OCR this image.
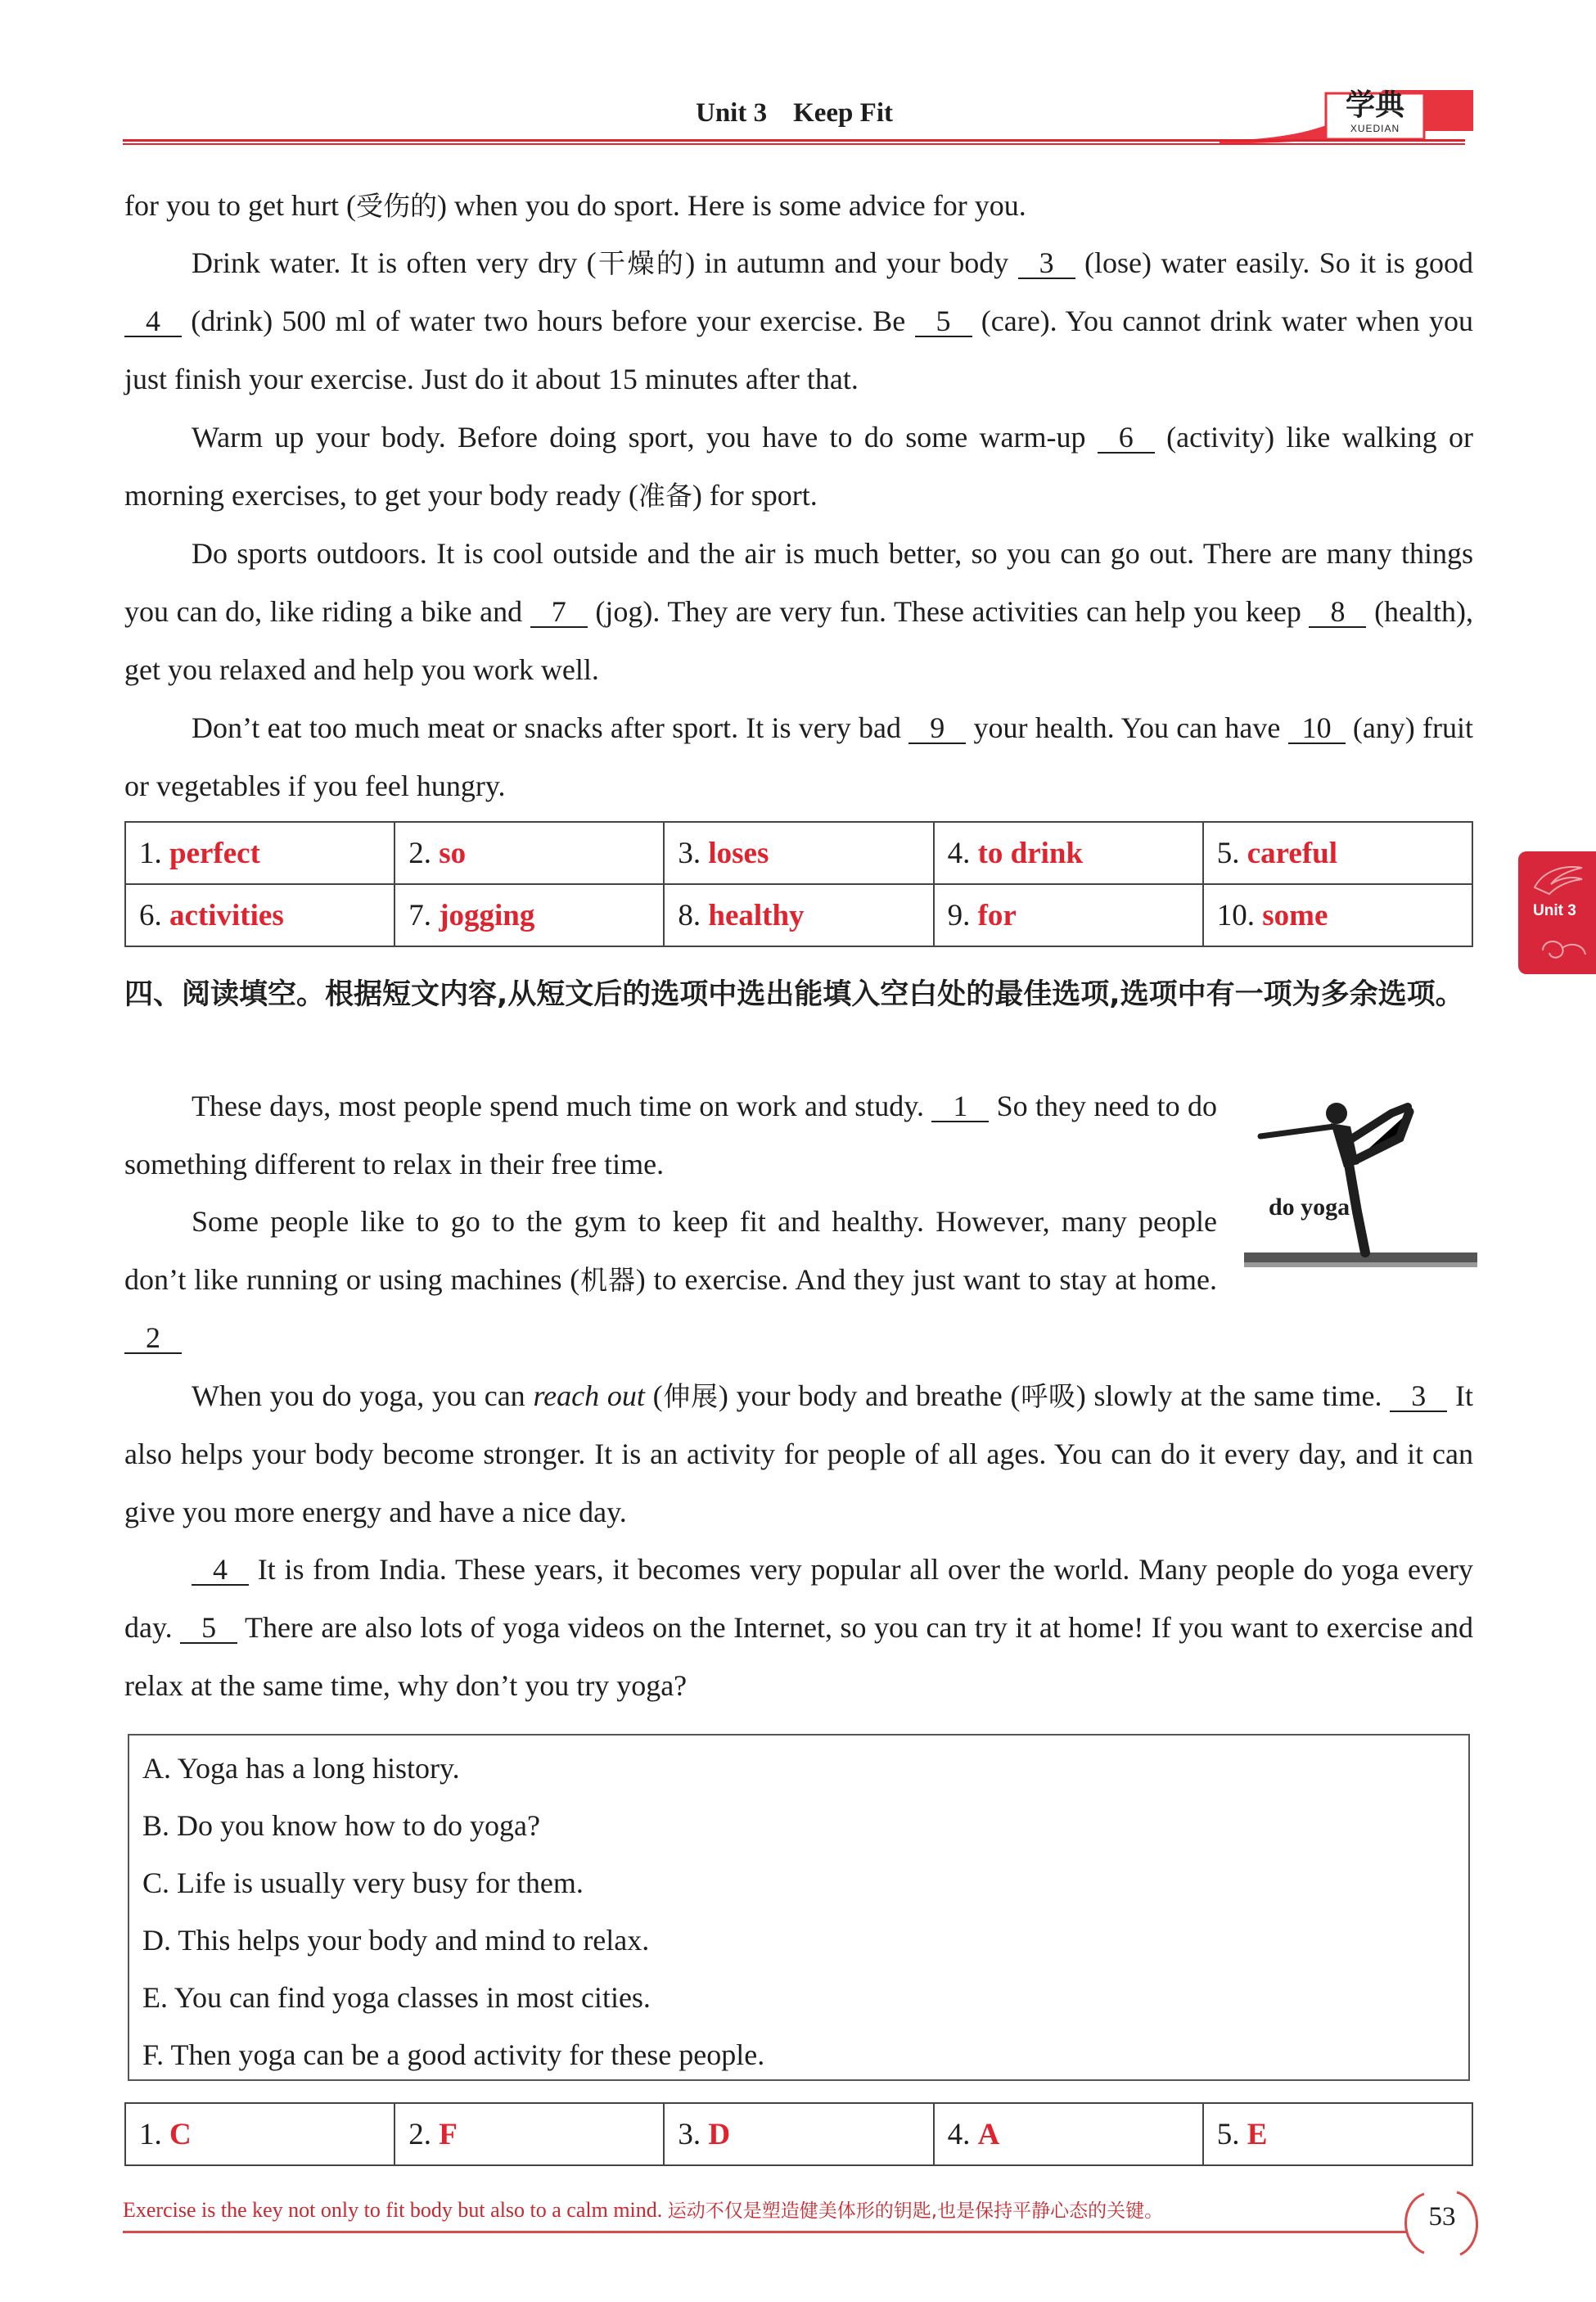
学典
XUEDIAN
Unit 3 Keep Fit
Unit 3
for you to get hurt (受伤的) when you do sport. Here is some advice for you.
Drink water. It is often very dry (干燥的) in autumn and your body 3 (lose) water easily. So it is good 4 (drink) 500 ml of water two hours before your exercise. Be 5 (care). You cannot drink water when you just finish your exercise. Just do it about 15 minutes after that.
Warm up your body. Before doing sport, you have to do some warm-up 6 (activity) like walking or morning exercises, to get your body ready (准备) for sport.
Do sports outdoors. It is cool outside and the air is much better, so you can go out. There are many things you can do, like riding a bike and 7 (jog). They are very fun. These activities can help you keep 8 (health), get you relaxed and help you work well.
Don’t eat too much meat or snacks after sport. It is very bad 9 your health. You can have 10 (any) fruit or vegetables if you feel hungry.
1. perfect	2. so	3. loses	4. to drink	5. careful
6. activities	7. jogging	8. healthy	9. for	10. some
四、阅读填空。根据短文内容,从短文后的选项中选出能填入空白处的最佳选项,选项中有一项为多余选项。
do yoga
These days, most people spend much time on work and study. 1 So they need to do something different to relax in their free time.
Some people like to go to the gym to keep fit and healthy. However, many people don’t like running or using machines (机器) to exercise. And they just want to stay at home. 2
When you do yoga, you can reach out (伸展) your body and breathe (呼吸) slowly at the same time. 3 It also helps your body become stronger. It is an activity for people of all ages. You can do it every day, and it can give you more energy and have a nice day.
4 It is from India. These years, it becomes very popular all over the world. Many people do yoga every day. 5 There are also lots of yoga videos on the Internet, so you can try it at home! If you want to exercise and relax at the same time, why don’t you try yoga?
A. Yoga has a long history.
B. Do you know how to do yoga?
C. Life is usually very busy for them.
D. This helps your body and mind to relax.
E. You can find yoga classes in most cities.
F. Then yoga can be a good activity for these people.
1. C	2. F	3. D	4. A	5. E
Exercise is the key not only to fit body but also to a calm mind. 运动不仅是塑造健美体形的钥匙,也是保持平静心态的关键。	53
